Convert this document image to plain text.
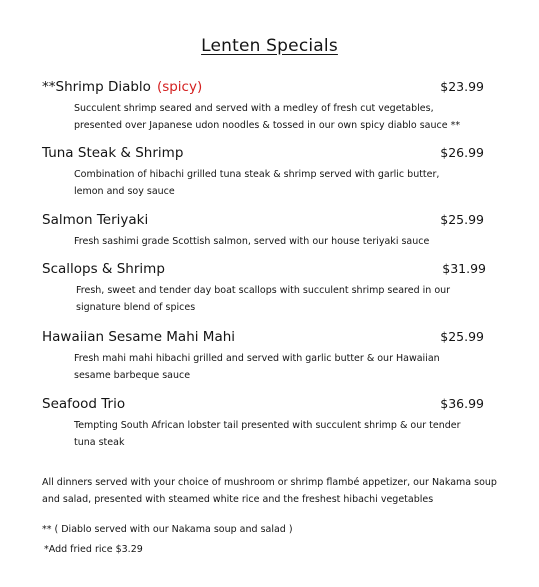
Lenten Specials
**Shrimp Diablo (spicy)	$23.99
Succulent shrimp seared and served with a medley of fresh cut vegetables, presented over Japanese udon noodles & tossed in our own spicy diablo sauce **
Tuna Steak & Shrimp	$26.99
Combination of hibachi grilled tuna steak & shrimp served with garlic butter, lemon and soy sauce
Salmon Teriyaki	$25.99
Fresh sashimi grade Scottish salmon, served with our house teriyaki sauce
Scallops & Shrimp	$31.99
Fresh, sweet and tender day boat scallops with succulent shrimp seared in our signature blend of spices
Hawaiian Sesame Mahi Mahi	$25.99
Fresh mahi mahi hibachi grilled and served with garlic butter & our Hawaiian sesame barbeque sauce
Seafood Trio	$36.99
Tempting South African lobster tail presented with succulent shrimp & our tender tuna steak
All dinners served with your choice of mushroom or shrimp flambé appetizer, our Nakama soup and salad, presented with steamed white rice and the freshest hibachi vegetables
** ( Diablo served with our Nakama soup and salad )
*Add fried rice $3.29
